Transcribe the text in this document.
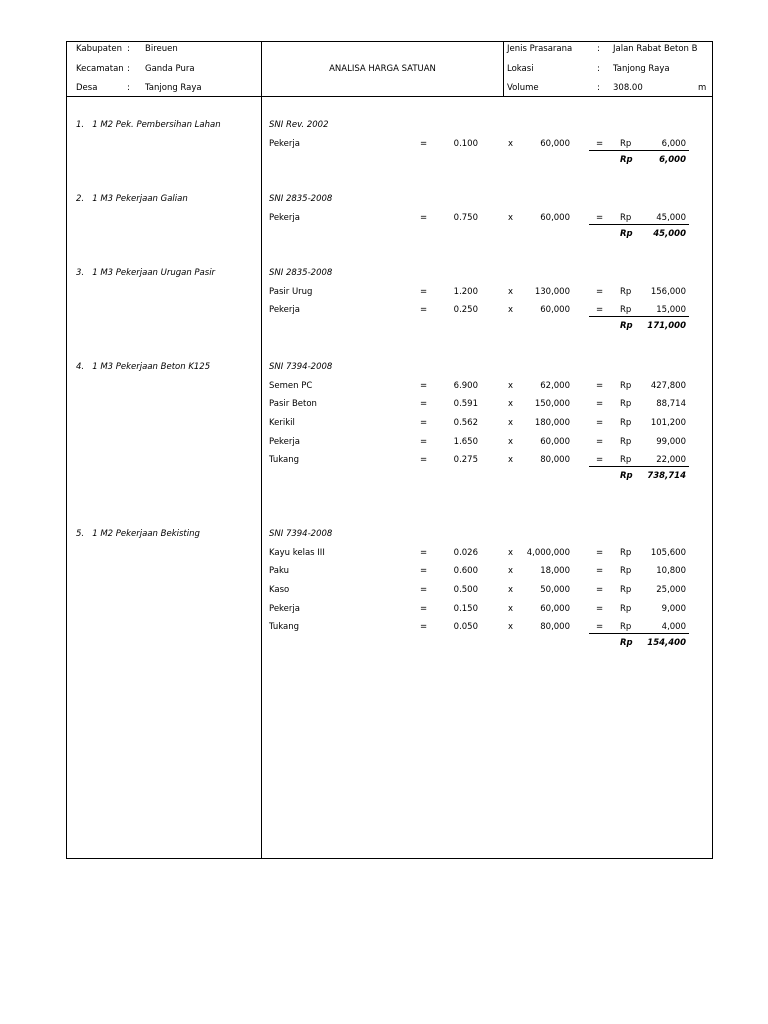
Kabupaten : Bireuen
Kecamatan : Ganda Pura
Desa	: Tanjong Raya
ANALISA HARGA SATUAN
Jenis Prasarana	: Jalan Rabat Beton B
Lokasi	: Tanjong Raya
Volume	: 308.00	m
1.   1 M2 Pek. Pembersihan Lahan	SNI Rev. 2002
Pekerja	=	0.100	x	60,000	= Rp	6,000
Rp	6,000
2.   1 M3 Pekerjaan Galian	SNI 2835-2008
Pekerja	=	0.750	x	60,000	= Rp	45,000
Rp	45,000
3.   1 M3 Pekerjaan Urugan Pasir	SNI 2835-2008
Pasir Urug	=	1.200	x	130,000	= Rp	156,000
Pekerja	=	0.250	x	60,000	= Rp	15,000
Rp	171,000
4.   1 M3 Pekerjaan Beton K125	SNI 7394-2008
Semen PC	=	6.900	x	62,000	= Rp	427,800
Pasir Beton	=	0.591	x	150,000	= Rp	88,714
Kerikil	=	0.562	x	180,000	= Rp	101,200
Pekerja	=	1.650	x	60,000	= Rp	99,000
Tukang	=	0.275	x	80,000	= Rp	22,000
Rp	738,714
5.   1 M2 Pekerjaan Bekisting	SNI 7394-2008
Kayu kelas III	=	0.026	x	4,000,000	= Rp	105,600
Paku	=	0.600	x	18,000	= Rp	10,800
Kaso	=	0.500	x	50,000	= Rp	25,000
Pekerja	=	0.150	x	60,000	= Rp	9,000
Tukang	=	0.050	x	80,000	= Rp	4,000
Rp	154,400
